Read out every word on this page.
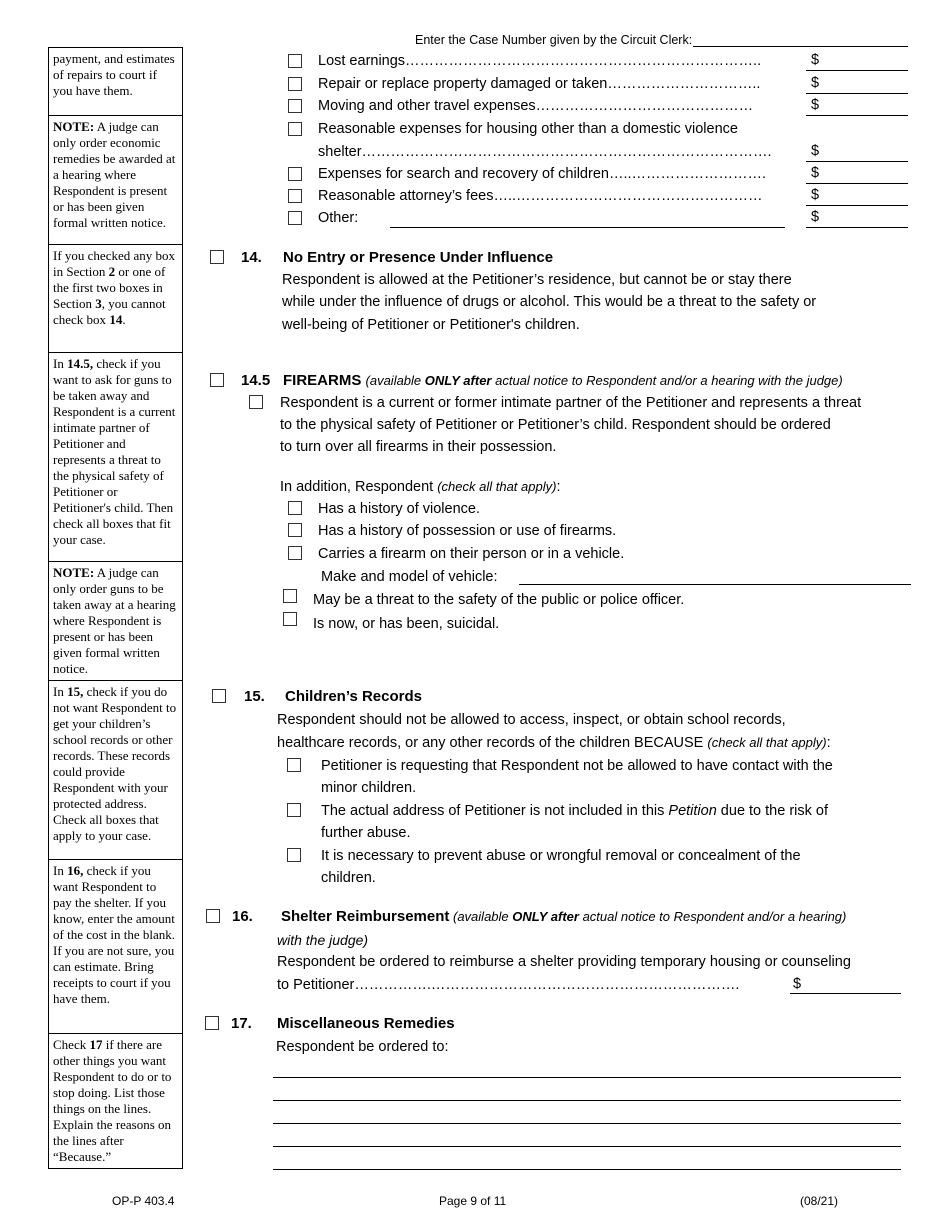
Enter the Case Number given by the Circuit Clerk:
payment, and estimates of repairs to court if you have them.
NOTE: A judge can only order economic remedies be awarded at a hearing where Respondent is present or has been given formal written notice.
If you checked any box in Section 2 or one of the first two boxes in Section 3, you cannot check box 14.
In 14.5, check if you want to ask for guns to be taken away and Respondent is a current intimate partner of Petitioner and represents a threat to the physical safety of Petitioner or Petitioner's child. Then check all boxes that fit your case.
NOTE: A judge can only order guns to be taken away at a hearing where Respondent is present or has been given formal written notice.
In 15, check if you do not want Respondent to get your children’s school records or other records. These records could provide Respondent with your protected address. Check all boxes that apply to your case.
In 16, check if you want Respondent to pay the shelter. If you know, enter the amount of the cost in the blank. If you are not sure, you can estimate. Bring receipts to court if you have them.
Check 17 if there are other things you want Respondent to do or to stop doing. List those things on the lines. Explain the reasons on the lines after “Because.”
Lost earnings………………………………………………………………..	$
Repair or replace property damaged or taken…………………………..	$
Moving and other travel expenses………………………………………	$
Reasonable expenses for housing other than a domestic violence
shelter………………………………………………………………………….	$
Expenses for search and recovery of children…..……………………….	$
Reasonable attorney’s fees…..……………………………………………	$
Other:	$
14. No Entry or Presence Under Influence
Respondent is allowed at the Petitioner’s residence, but cannot be or stay there
while under the influence of drugs or alcohol. This would be a threat to the safety or
well-being of Petitioner or Petitioner's children.
14.5 FIREARMS (available ONLY after actual notice to Respondent and/or a hearing with the judge)
Respondent is a current or former intimate partner of the Petitioner and represents a threat
to the physical safety of Petitioner or Petitioner’s child. Respondent should be ordered
to turn over all firearms in their possession.
In addition, Respondent (check all that apply):
Has a history of violence.
Has a history of possession or use of firearms.
Carries a firearm on their person or in a vehicle.
Make and model of vehicle:
May be a threat to the safety of the public or police officer.
Is now, or has been, suicidal.
15. Children’s Records
Respondent should not be allowed to access, inspect, or obtain school records,
healthcare records, or any other records of the children BECAUSE (check all that apply):
Petitioner is requesting that Respondent not be allowed to have contact with the
minor children.
The actual address of Petitioner is not included in this Petition due to the risk of
further abuse.
It is necessary to prevent abuse or wrongful removal or concealment of the
children.
16. Shelter Reimbursement (available ONLY after actual notice to Respondent and/or a hearing)
with the judge)
Respondent be ordered to reimburse a shelter providing temporary housing or counseling
to Petitioner…………….……………………………………………………….	$
17. Miscellaneous Remedies
Respondent be ordered to:
OP-P 403.4	Page 9 of 11	(08/21)
